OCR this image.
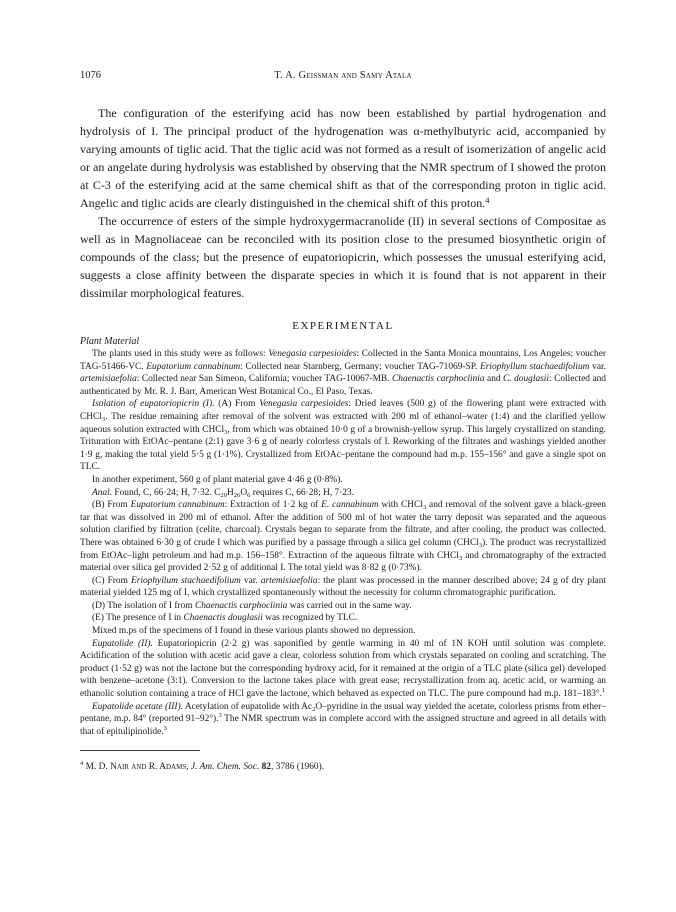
1076	T. A. Geissman and Samy Atala

The configuration of the esterifying acid has now been established by partial hydrogenation and hydrolysis of I. The principal product of the hydrogenation was α-methylbutyric acid, accompanied by varying amounts of tiglic acid. That the tiglic acid was not formed as a result of isomerization of angelic acid or an angelate during hydrolysis was established by observing that the NMR spectrum of I showed the proton at C-3 of the esterifying acid at the same chemical shift as that of the corresponding proton in tiglic acid. Angelic and tiglic acids are clearly distinguished in the chemical shift of this proton.$^4$

The occurrence of esters of the simple hydroxygermacranolide (II) in several sections of Compositae as well as in Magnoliaceae can be reconciled with its position close to the presumed biosynthetic origin of compounds of the class; but the presence of eupatoriopicrin, which possesses the unusual esterifying acid, suggests a close affinity between the disparate species in which it is found that is not apparent in their dissimilar morphological features.

EXPERIMENTAL
Plant Material

The plants used in this study were as follows: Venegasia carpesioides: Collected in the Santa Monica mountains, Los Angeles; voucher TAG-51466-VC. Eupatorium cannabinum: Collected near Starnberg, Germany; voucher TAG-71069-SP. Eriophyllum stachaedifolium var. artemisiaefolia: Collected near San Simeon, California; voucher TAG-10067-MB. Chaenactis carphoclinia and C. douglasii: Collected and authenticated by Mr. R. J. Barr, American West Botanical Co., El Paso, Texas.

Isolation of eupatoriopicrin (I). (A) From Venegasia carpesioides: Dried leaves (500 g) of the flowering plant were extracted with CHCl$_3$. The residue remaining after removal of the solvent was extracted with 200 ml of ethanol–water (1:4) and the clarified yellow aqueous solution extracted with CHCl$_3$, from which was obtained 10·0 g of a brownish-yellow syrup. This largely crystallized on standing. Trituration with EtOAc–pentane (2:1) gave 3·6 g of nearly colorless crystals of I. Reworking of the filtrates and washings yielded another 1·9 g, making the total yield 5·5 g (1·1%). Crystallized from EtOAc–pentane the compound had m.p. 155–156° and gave a single spot on TLC.

In another experiment, 560 g of plant material gave 4·46 g (0·8%).

Anal. Found, C, 66·24; H, 7·32. $C_{20}H_{26}O_6$ requires C, 66·28; H, 7·23.

(B) From Eupatorium cannabinum: Extraction of 1·2 kg of E. cannabinum with CHCl$_3$ and removal of the solvent gave a black-green tar that was dissolved in 200 ml of ethanol. After the addition of 500 ml of hot water the tarry deposit was separated and the aqueous solution clarified by filtration (celite, charcoal). Crystals began to separate from the filtrate, and after cooling, the product was collected. There was obtained 6·30 g of crude I which was purified by a passage through a silica gel column (CHCl$_3$). The product was recrystallized from EtOAc–light petroleum and had m.p. 156–158°. Extraction of the aqueous filtrate with CHCl$_3$ and chromatography of the extracted material over silica gel provided 2·52 g of additional I. The total yield was 8·82 g (0·73%).

(C) From Eriophyllum stachaedifolium var. artemisiaefolia: the plant was processed in the manner described above; 24 g of dry plant material yielded 125 mg of I, which crystallized spontaneously without the necessity for column chromatographic purification.

(D) The isolation of I from Chaenactis carphoclinia was carried out in the same way.

(E) The presence of I in Chaenactis douglasii was recognized by TLC.

Mixed m.ps of the specimens of I found in these various plants showed no depression.

Eupatolide (II). Eupatoriopicrin (2·2 g) was saponified by gentle warming in 40 ml of 1N KOH until solution was complete. Acidification of the solution with acetic acid gave a clear, colorless solution from which crystals separated on cooling and scratching. The product (1·52 g) was not the lactone but the corresponding hydroxy acid, for it remained at the origin of a TLC plate (silica gel) developed with benzene–acetone (3:1). Conversion to the lactone takes place with great ease; recrystallization from aq. acetic acid, or warming an ethanolic solution containing a trace of HCl gave the lactone, which behaved as expected on TLC. The pure compound had m.p. 181–183°.$^1$

Eupatolide acetate (III). Acetylation of eupatolide with $Ac_2O$–pyridine in the usual way yielded the acetate, colorless prisms from ether–pentane, m.p. 84° (reported 91–92°).$^3$ The NMR spectrum was in complete accord with the assigned structure and agreed in all details with that of epitulipinolide.$^3$

$^4$ M. D. Nair and R. Adams, J. Am. Chem. Soc. 82, 3786 (1960).
